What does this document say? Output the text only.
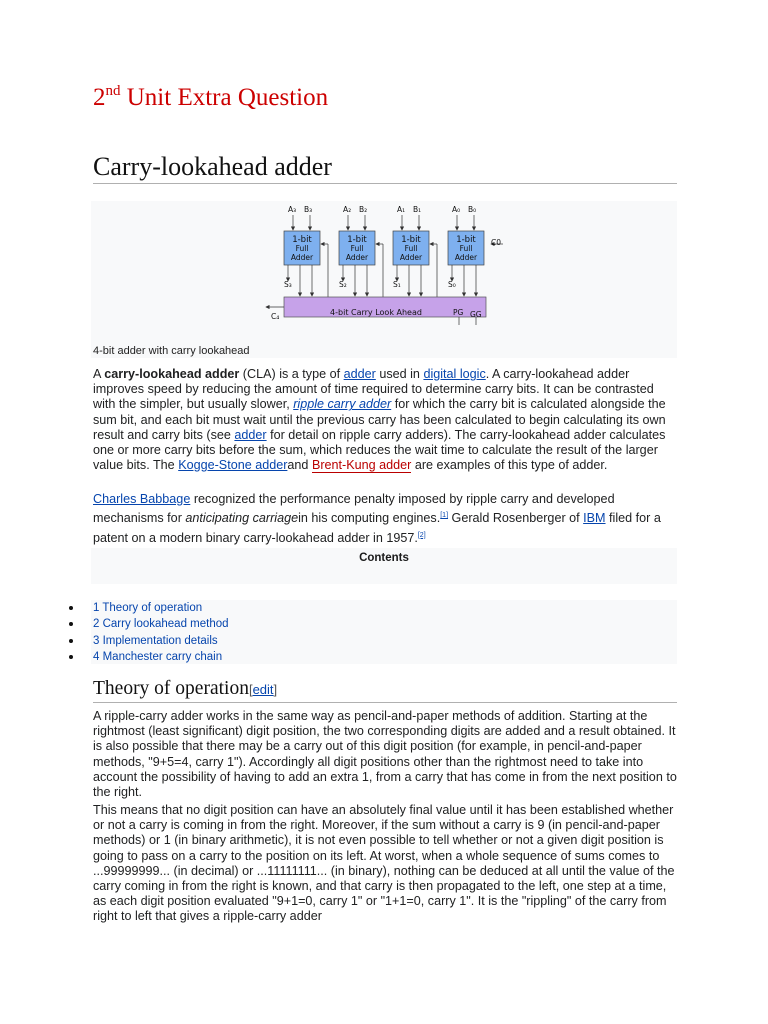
2nd Unit Extra Question
Carry-lookahead adder
A₃ B₃
1-bit
Full
Adder
S₃
A₂ B₂
1-bit
Full
Adder
S₂
A₁ B₁
1-bit
Full
Adder
S₁
A₀ B₀
1-bit
Full
Adder
S₀
4-bit Carry Look Ahead
C0
C₄	PG GG
4-bit adder with carry lookahead

A carry-lookahead adder (CLA) is a type of adder used in digital logic. A carry-lookahead adder improves speed by reducing the amount of time required to determine carry bits. It can be contrasted with the simpler, but usually slower, ripple carry adder for which the carry bit is calculated alongside the sum bit, and each bit must wait until the previous carry has been calculated to begin calculating its own result and carry bits (see adder for detail on ripple carry adders). The carry-lookahead adder calculates one or more carry bits before the sum, which reduces the wait time to calculate the result of the larger value bits. The Kogge-Stone adderand Brent-Kung adder are examples of this type of adder.

Charles Babbage recognized the performance penalty imposed by ripple carry and developed mechanisms for anticipating carriagein his computing engines.[1] Gerald Rosenberger of IBM filed for a patent on a modern binary carry-lookahead adder in 1957.[2]

Contents
1 Theory of operation
2 Carry lookahead method
3 Implementation details
4 Manchester carry chain
Theory of operation[edit]

A ripple-carry adder works in the same way as pencil-and-paper methods of addition. Starting at the rightmost (least significant) digit position, the two corresponding digits are added and a result obtained. It is also possible that there may be a carry out of this digit position (for example, in pencil-and-paper methods, "9+5=4, carry 1"). Accordingly all digit positions other than the rightmost need to take into account the possibility of having to add an extra 1, from a carry that has come in from the next position to the right.

This means that no digit position can have an absolutely final value until it has been established whether or not a carry is coming in from the right. Moreover, if the sum without a carry is 9 (in pencil-and-paper methods) or 1 (in binary arithmetic), it is not even possible to tell whether or not a given digit position is going to pass on a carry to the position on its left. At worst, when a whole sequence of sums comes to ...99999999... (in decimal) or ...11111111... (in binary), nothing can be deduced at all until the value of the carry coming in from the right is known, and that carry is then propagated to the left, one step at a time, as each digit position evaluated "9+1=0, carry 1" or "1+1=0, carry 1". It is the "rippling" of the carry from right to left that gives a ripple-carry adder
